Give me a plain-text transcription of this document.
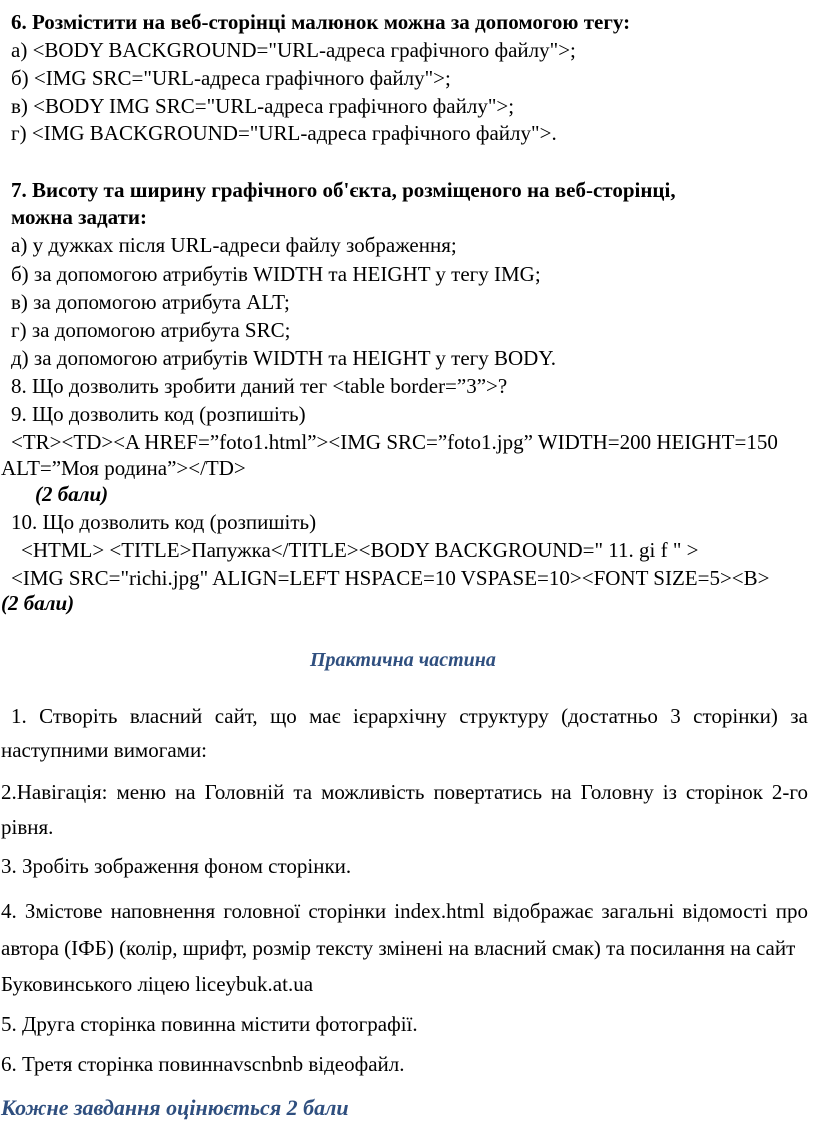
6. Розмістити на веб-сторінці малюнок можна за допомогою тегу:
а) <BODY BACKGROUND="URL-адреса графічного файлу">;
б) <IMG SRC="URL-адреса графічного файлу">;
в) <BODY IMG SRC="URL-адреса графічного файлу">;
г) <IMG BACKGROUND="URL-адреса графічного файлу">.
7. Висоту та ширину графічного об'єкта, розміщеного на веб-сторінці,
можна задати:
а) у дужках після URL-адреси файлу зображення;
б) за допомогою атрибутів WIDTH та HEIGHT у тегу IMG;
в) за допомогою атрибута ALT;
г) за допомогою атрибута SRC;
д) за допомогою атрибутів WIDTH та HEIGHT у тегу BODY.
8. Що дозволить зробити даний тег <table border=”3”>?
9. Що дозволить код (розпишіть)
<TR><TD><A HREF=”foto1.html”><IMG SRC=”foto1.jpg” WIDTH=200 HEIGHT=150
ALT=”Моя родина”></TD>
(2 бали)
10. Що дозволить код (розпишіть)
<HTML> <TITLE>Папужка</TITLE><BODY BACKGROUND=" 11. gi f " >
<IMG SRC="richi.jpg" ALIGN=LEFT HSPACE=10 VSPASE=10><FONT SIZE=5><B>
(2 бали)
Практична частина
1. Створіть власний сайт, що має ієрархічну структуру (достатньо 3 сторінки) за
наступними вимогами:
2.Навігація: меню на Головній та можливість повертатись на Головну із сторінок 2-го
рівня.
3. Зробіть зображення фоном сторінки.
4. Змістове наповнення головної сторінки index.html відображає загальні відомості про
автора (ІФБ) (колір, шрифт, розмір тексту змінені на власний смак) та посилання на сайт
Буковинського ліцею liceybuk.at.ua
5. Друга сторінка повинна містити фотографії.
6. Третя сторінка повиннаvscnbnb відеофайл.
Кожне завдання оцінюється 2 бали
